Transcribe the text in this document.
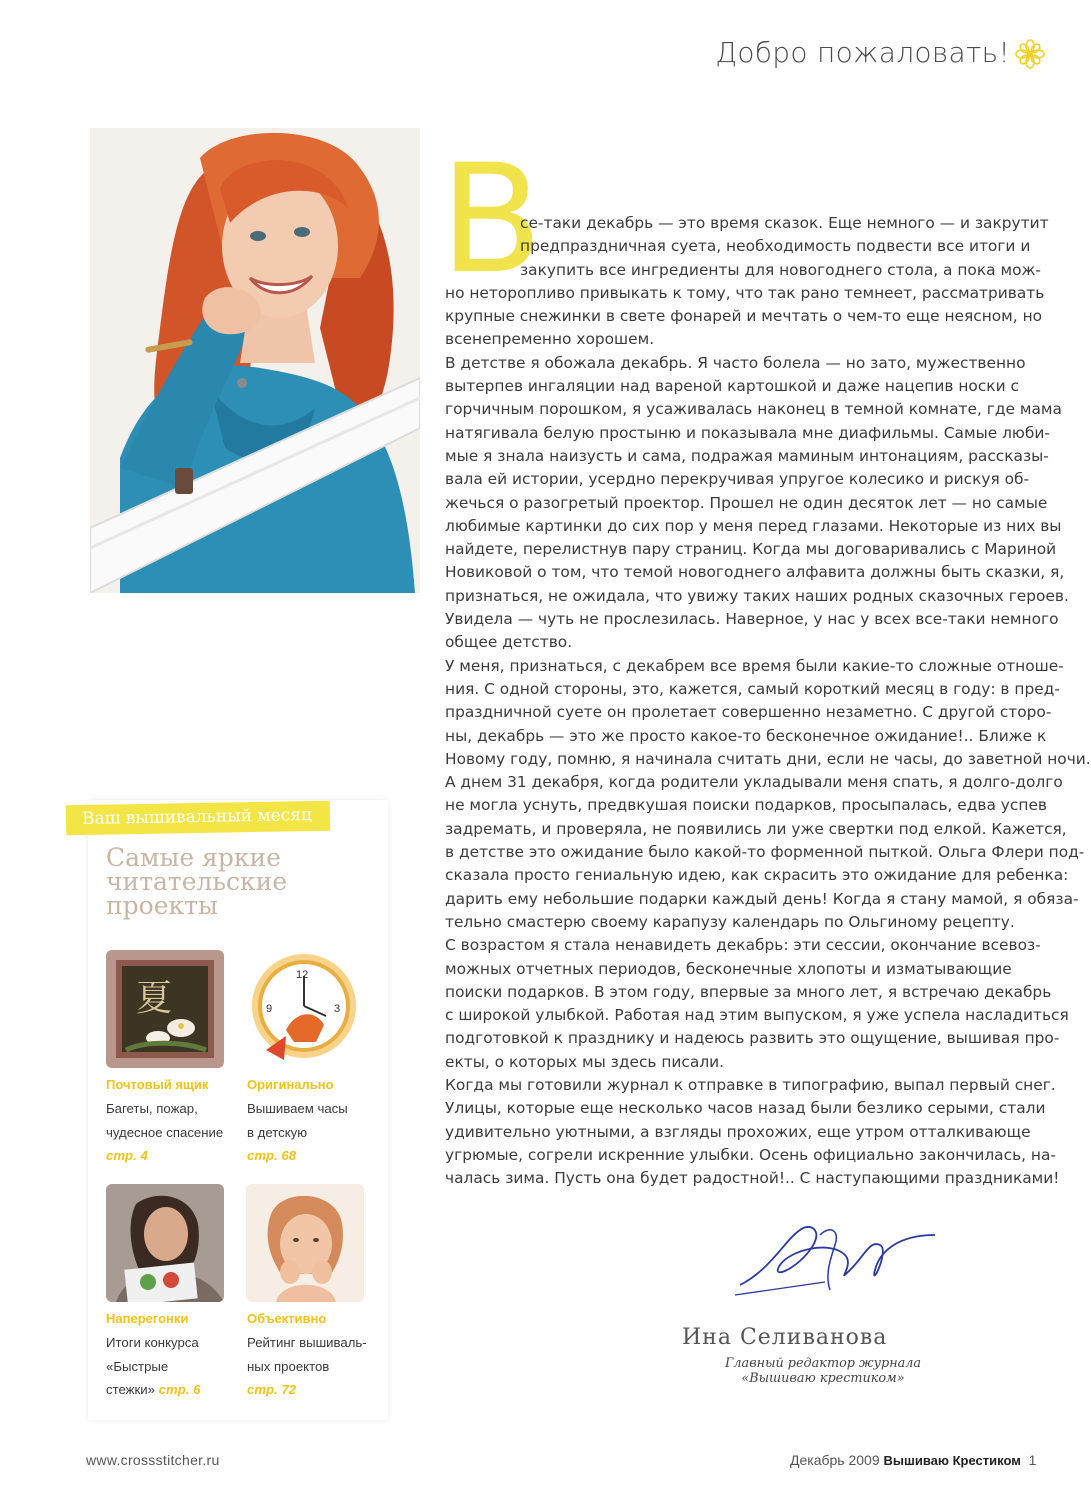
Добро пожаловать!
В
се-таки декабрь — это время сказок. Еще немного — и закрутит
предпраздничная суета, необходимость подвести все итоги и
закупить все ингредиенты для новогоднего стола, а пока мож-
но неторопливо привыкать к тому, что так рано темнеет, рассматривать
крупные снежинки в свете фонарей и мечтать о чем-то еще неясном, но
всенепременно хорошем.
В детстве я обожала декабрь. Я часто болела — но зато, мужественно
вытерпев ингаляции над вареной картошкой и даже нацепив носки с
горчичным порошком, я усаживалась наконец в темной комнате, где мама
натягивала белую простыню и показывала мне диафильмы. Самые люби-
мые я знала наизусть и сама, подражая маминым интонациям, рассказы-
вала ей истории, усердно перекручивая упругое колесико и рискуя об-
жечься о разогретый проектор. Прошел не один десяток лет — но самые
любимые картинки до сих пор у меня перед глазами. Некоторые из них вы
найдете, перелистнув пару страниц. Когда мы договаривались с Мариной
Новиковой о том, что темой новогоднего алфавита должны быть сказки, я,
признаться, не ожидала, что увижу таких наших родных сказочных героев.
Увидела — чуть не прослезилась. Наверное, у нас у всех все-таки немного
общее детство.
У меня, признаться, с декабрем все время были какие-то сложные отноше-
ния. С одной стороны, это, кажется, самый короткий месяц в году: в пред-
праздничной суете он пролетает совершенно незаметно. С другой сторо-
ны, декабрь — это же просто какое-то бесконечное ожидание!.. Ближе к
Новому году, помню, я начинала считать дни, если не часы, до заветной ночи.
А днем 31 декабря, когда родители укладывали меня спать, я долго-долго
не могла уснуть, предвкушая поиски подарков, просыпалась, едва успев
задремать, и проверяла, не появились ли уже свертки под елкой. Кажется,
в детстве это ожидание было какой-то форменной пыткой. Ольга Флери под-
сказала просто гениальную идею, как скрасить это ожидание для ребенка:
дарить ему небольшие подарки каждый день! Когда я стану мамой, я обяза-
тельно смастерю своему карапузу календарь по Ольгиному рецепту.
С возрастом я стала ненавидеть декабрь: эти сессии, окончание всевоз-
можных отчетных периодов, бесконечные хлопоты и изматывающие
поиски подарков. В этом году, впервые за много лет, я встречаю декабрь
с широкой улыбкой. Работая над этим выпуском, я уже успела насладиться
подготовкой к празднику и надеюсь развить это ощущение, вышивая про-
екты, о которых мы здесь писали.
Когда мы готовили журнал к отправке в типографию, выпал первый снег.
Улицы, которые еще несколько часов назад были безлико серыми, стали
удивительно уютными, а взгляды прохожих, еще утром отталкивающе
угрюмые, согрели искренние улыбки. Осень официально закончилась, на-
чалась зима. Пусть она будет радостной!.. С наступающими праздниками!
Ваш вышивальный месяц
Самые яркие
читательские
проекты
夏
12
3
9
Почтовый ящик
Багеты, пожар,
чудесное спасение
стр. 4
Оригинально
Вышиваем часы
в детскую
стр. 68
Наперегонки
Итоги конкурса
«Быстрые
стежки» стр. 6
Объективно
Рейтинг вышиваль-
ных проектов
стр. 72
Ина Селиванова
Главный редактор журнала
«Вышиваю крестиком»
www.crossstitcher.ru	Декабрь 2009 Вышиваю Крестиком 1
